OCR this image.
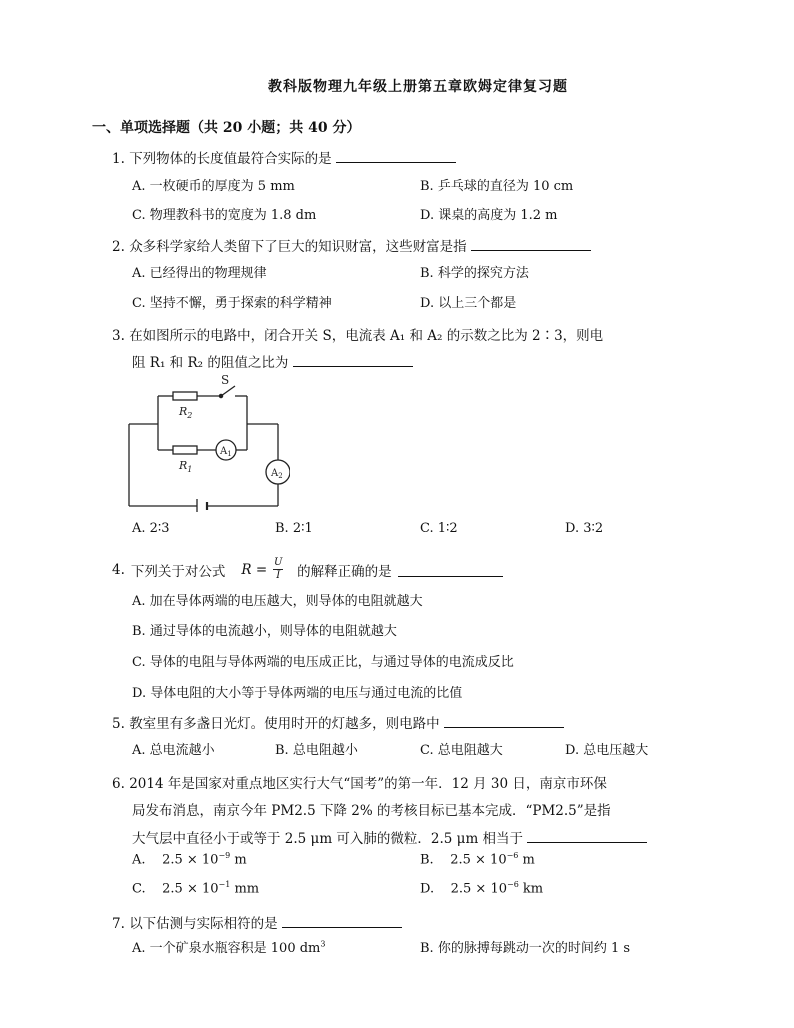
教科版物理九年级上册第五章欧姆定律复习题
一、单项选择题（共 20 小题；共 40 分）
1. 下列物体的长度值最符合实际的是
A. 一枚硬币的厚度为 5 mm	B. 乒乓球的直径为 10 cm
C. 物理教科书的宽度为 1.8 dm	D. 课桌的高度为 1.2 m
2. 众多科学家给人类留下了巨大的知识财富，这些财富是指
A. 已经得出的物理规律	B. 科学的探究方法
C. 坚持不懈，勇于探索的科学精神	D. 以上三个都是
3. 在如图所示的电路中，闭合开关 S，电流表 A₁ 和 A₂ 的示数之比为 2∶3，则电
阻 R₁ 和 R₂ 的阻值之比为
S
$R_2$
$R_1$
$A_1$
$A_2$
A. 2∶3	B. 2∶1	C. 1∶2	D. 3∶2
4. 下列关于对公式 R = U
I 的解释正确的是
A. 加在导体两端的电压越大，则导体的电阻就越大
B. 通过导体的电流越小，则导体的电阻就越大
C. 导体的电阻与导体两端的电压成正比，与通过导体的电流成反比
D. 导体电阻的大小等于导体两端的电压与通过电流的比值
5. 教室里有多盏日光灯。使用时开的灯越多，则电路中
A. 总电流越小	B. 总电阻越小	C. 总电阻越大	D. 总电压越大
6. 2014 年是国家对重点地区实行大气“国考”的第一年．12 月 30 日，南京市环保
局发布消息，南京今年 PM2.5 下降 2% 的考核目标已基本完成．“PM2.5”是指
大气层中直径小于或等于 2.5 μm 可入肺的微粒．2.5 μm 相当于
A. $2.5 \times 10^{-9}$ m	B. $2.5 \times 10^{-6}$ m
C. $2.5 \times 10^{-1}$ mm	D. $2.5 \times 10^{-6}$ km
7. 以下估测与实际相符的是
A. 一个矿泉水瓶容积是 100 $dm^3$	B. 你的脉搏每跳动一次的时间约 1 s
